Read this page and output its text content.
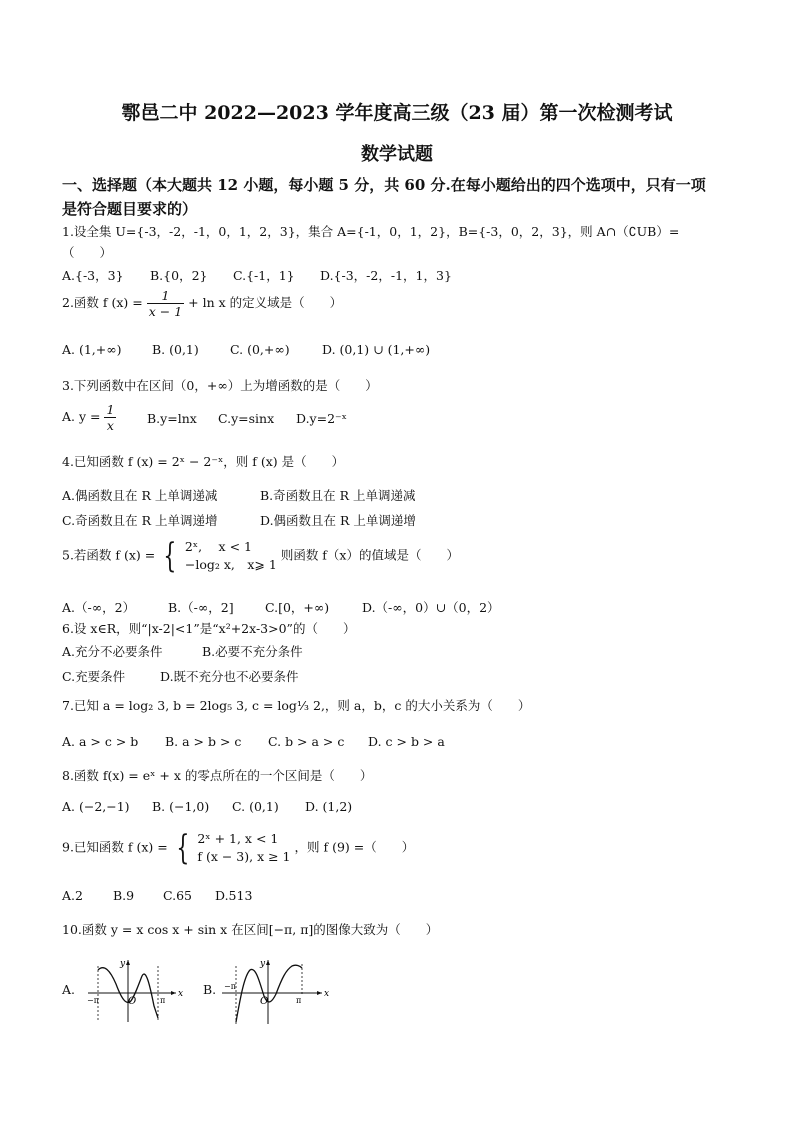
鄠邑二中 2022—2023 学年度高三级（23 届）第一次检测考试
数学试题
一、选择题（本大题共 12 小题，每小题 5 分，共 60 分.在每小题给出的四个选项中，只有一项
是符合题目要求的）
1.设全集 U={-3，-2，-1，0，1，2，3}，集合 A={-1，0，1，2}，B={-3，0，2，3}，则 A∩（∁UB）=
（　　）
A.{-3，3} B.{0，2} C.{-1，1} D.{-3，-2，-1，1，3}
2.函数 f $(x) = \frac{1}{x - 1} + \ln x$ 的定义域是（　　）
A. (1,+∞) B. (0,1) C. (0,+∞)	D. (0,1) ∪ (1,+∞)
3.下列函数中在区间（0，+∞）上为增函数的是（　　）
A. $y = \frac{1}{x} B.y=\ln x$ C.y=sinx D.y=2⁻ˣ
4.已知函数 f (x) = 2ˣ − 2⁻ˣ，则 f (x) 是（　　）
A.偶函数且在 R 上单调递减	B.奇函数且在 R 上单调递减
C.奇函数且在 R 上单调递增	D.偶函数且在 R 上单调递增
5.若函数 f (x) = { 2ˣ,　 x < 1
−log₂ x,　x⩾ 1
则函数 f（x）的值域是（　　）
A.（-∞，2）	B.（-∞，2]	C.[0，+∞)	D.（-∞，0）∪（0，2）
6.设 x∈R，则“|x-2|<1”是“x²+2x-3>0”的（　　）
A.充分不必要条件	B.必要不充分条件
C.充要条件	D.既不充分也不必要条件
7.已知 a = log₂ 3, b = 2log₅ 3, c = log⅓ 2,，则 a，b，c 的大小关系为（　　）
A. a > c > b B. a > b > c C. b > a > c D. c > b > a
8.函数 f(x) = eˣ + x 的零点所在的一个区间是（　　）
A. (−2,−1) B. (−1,0) C. (0,1) D. (1,2)
9.已知函数 f (x) = { 2ˣ + 1, x < 1
f (x − 3), x ≥ 1
，则 f (9) =（　　）
A.2 B.9 C.65 D.513
10.函数 y = x cos x + sin x 在区间[−π, π]的图像大致为（　　）
A.	x
y
O
−π	π
B.	x
y
O
−π
π
